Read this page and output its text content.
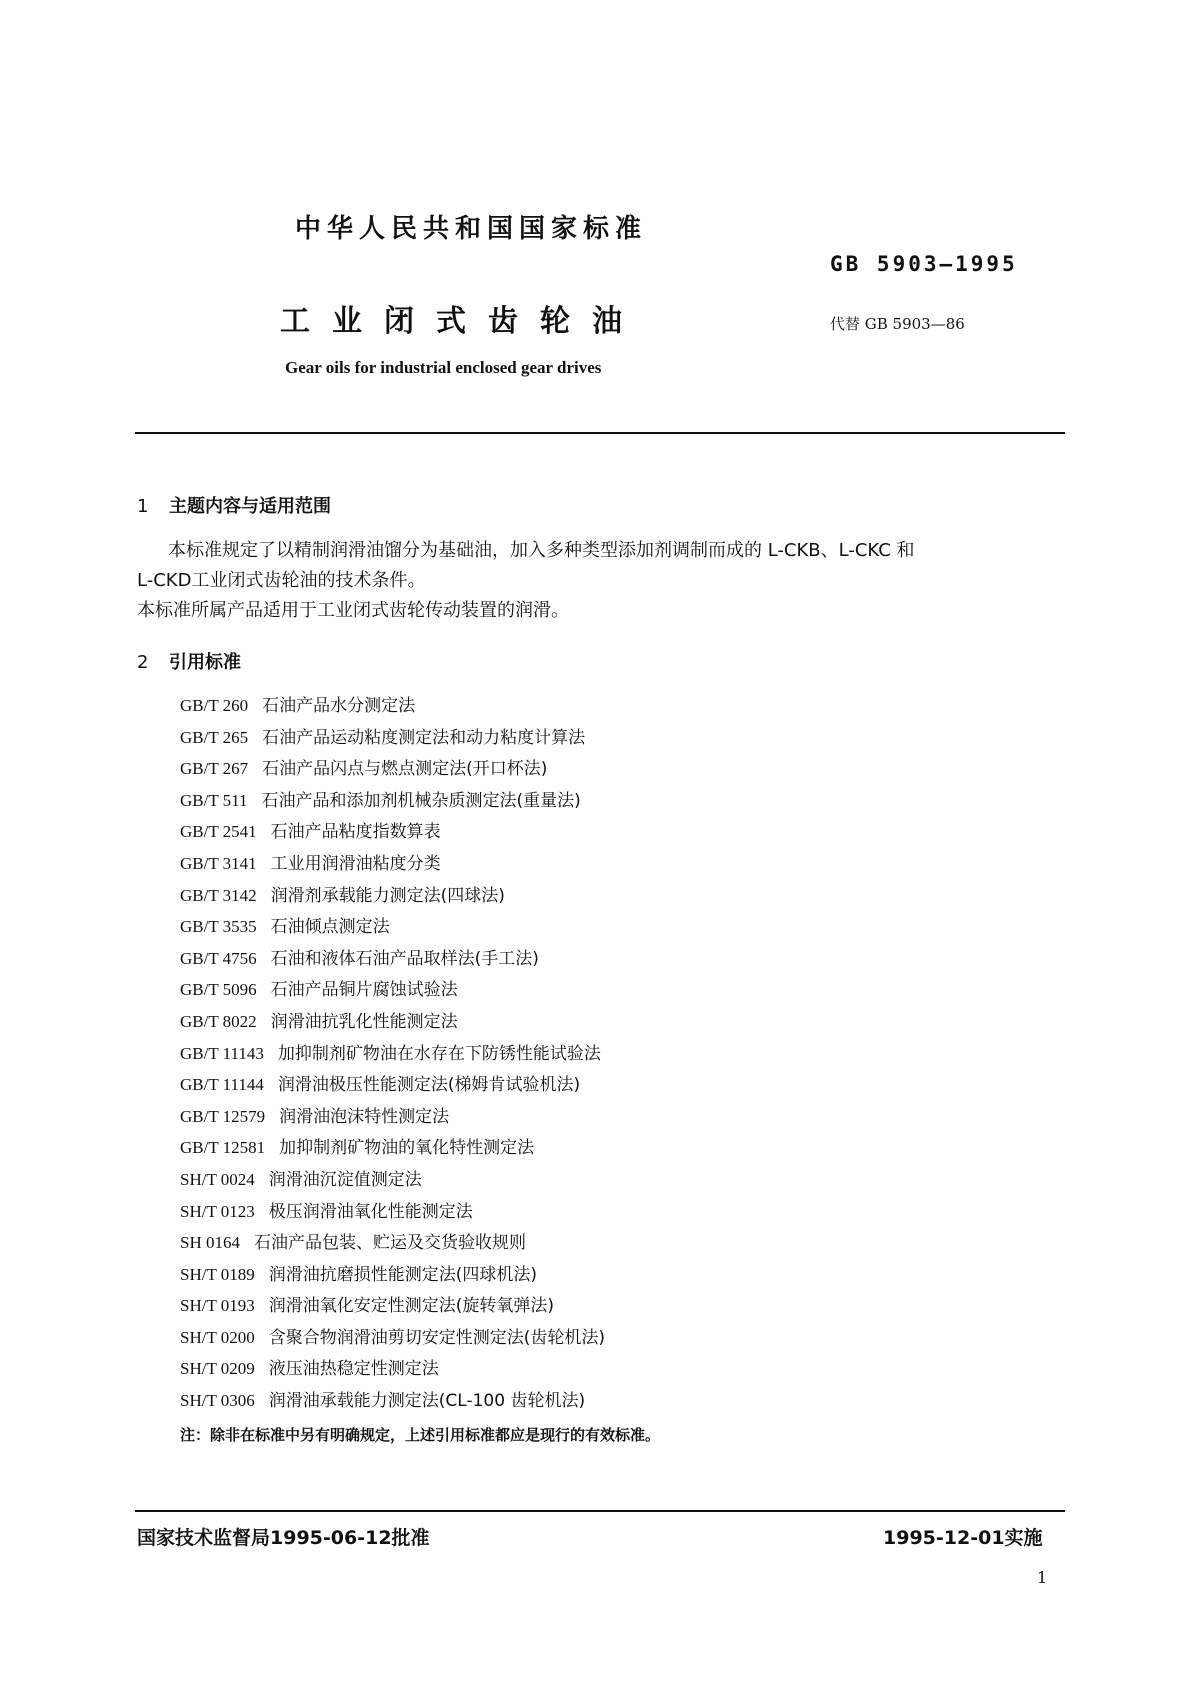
中华人民共和国国家标准
GB 5903—1995
工业闭式齿轮油	代替 GB 5903—86
Gear oils for industrial enclosed gear drives
1 主题内容与适用范围
本标准规定了以精制润滑油馏分为基础油，加入多种类型添加剂调制而成的 L-CKB、L-CKC 和
L-CKD工业闭式齿轮油的技术条件。
本标准所属产品适用于工业闭式齿轮传动装置的润滑。
2 引用标准
GB/T 260 石油产品水分测定法
GB/T 265 石油产品运动粘度测定法和动力粘度计算法
GB/T 267 石油产品闪点与燃点测定法(开口杯法)
GB/T 511 石油产品和添加剂机械杂质测定法(重量法)
GB/T 2541 石油产品粘度指数算表
GB/T 3141 工业用润滑油粘度分类
GB/T 3142 润滑剂承载能力测定法(四球法)
GB/T 3535 石油倾点测定法
GB/T 4756 石油和液体石油产品取样法(手工法)
GB/T 5096 石油产品铜片腐蚀试验法
GB/T 8022 润滑油抗乳化性能测定法
GB/T 11143 加抑制剂矿物油在水存在下防锈性能试验法
GB/T 11144 润滑油极压性能测定法(梯姆肯试验机法)
GB/T 12579 润滑油泡沫特性测定法
GB/T 12581 加抑制剂矿物油的氧化特性测定法
SH/T 0024 润滑油沉淀值测定法
SH/T 0123 极压润滑油氧化性能测定法
SH 0164 石油产品包装、贮运及交货验收规则
SH/T 0189 润滑油抗磨损性能测定法(四球机法)
SH/T 0193 润滑油氧化安定性测定法(旋转氧弹法)
SH/T 0200 含聚合物润滑油剪切安定性测定法(齿轮机法)
SH/T 0209 液压油热稳定性测定法
SH/T 0306 润滑油承载能力测定法(CL-100 齿轮机法)
注：除非在标准中另有明确规定，上述引用标准都应是现行的有效标准。
国家技术监督局1995-06-12批准	1995-12-01实施
1
